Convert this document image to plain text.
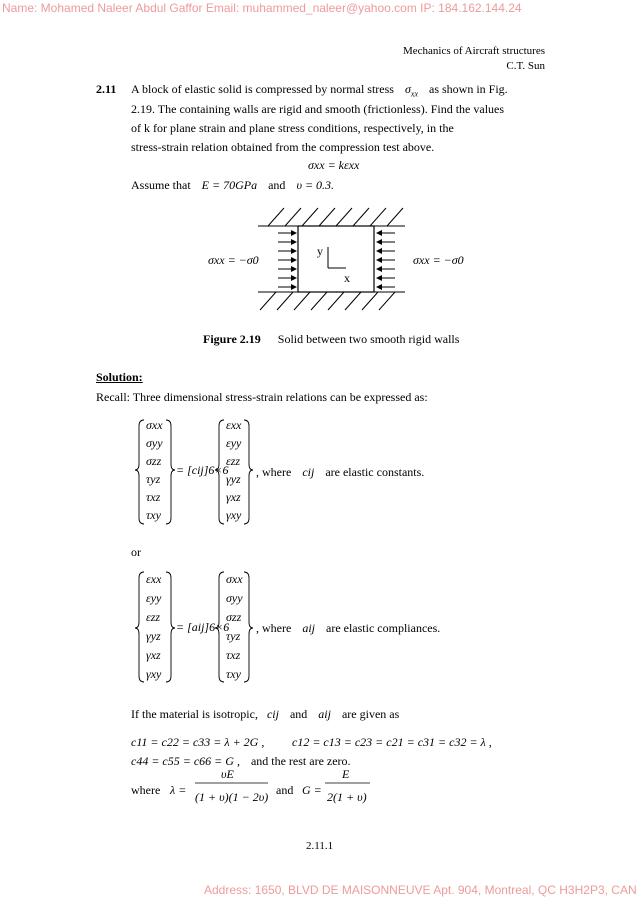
Name: Mohamed Naleer Abdul Gaffor Email: muhammed_naleer@yahoo.com IP: 184.162.144.24
Address: 1650, BLVD DE MAISONNEUVE Apt. 904, Montreal, QC H3H2P3, CAN
Mechanics of Aircraft structures
C.T. Sun
2.11 A block of elastic solid is compressed by normal stress $\sigma_{xx}$ as shown in Fig.
2.19. The containing walls are rigid and smooth (frictionless). Find the values
of k for plane strain and plane stress conditions, respectively, in the
stress-strain relation obtained from the compression test above.
σxx = kεxx
Assume that E = 70GPa and υ = 0.3.
σxx = −σ0	σxx = −σ0
y
x
Figure 2.19 Solid between two smooth rigid walls
Solution:
Recall: Three dimensional stress-strain relations can be expressed as:
σxx
σyy
σzz
τyz
τxz
τxy
= [cij]6×6
εxx
εyy
εzz
γyz
γxz
γxy
, where cij are elastic constants.
or
εxx
εyy
εzz
γyz
γxz
γxy
= [aij]6×6
σxx
σyy
σzz
τyz
τxz
τxy
, where aij are elastic compliances.
If the material is isotropic, cij and aij are given as
c11 = c22 = c33 = λ + 2G , c12 = c13 = c23 = c21 = c31 = c32 = λ ,
c44 = c55 = c66 = G , and the rest are zero.
where λ =
υE
(1 + υ)(1 − 2υ) and G =
E
2(1 + υ)
2.11.1
